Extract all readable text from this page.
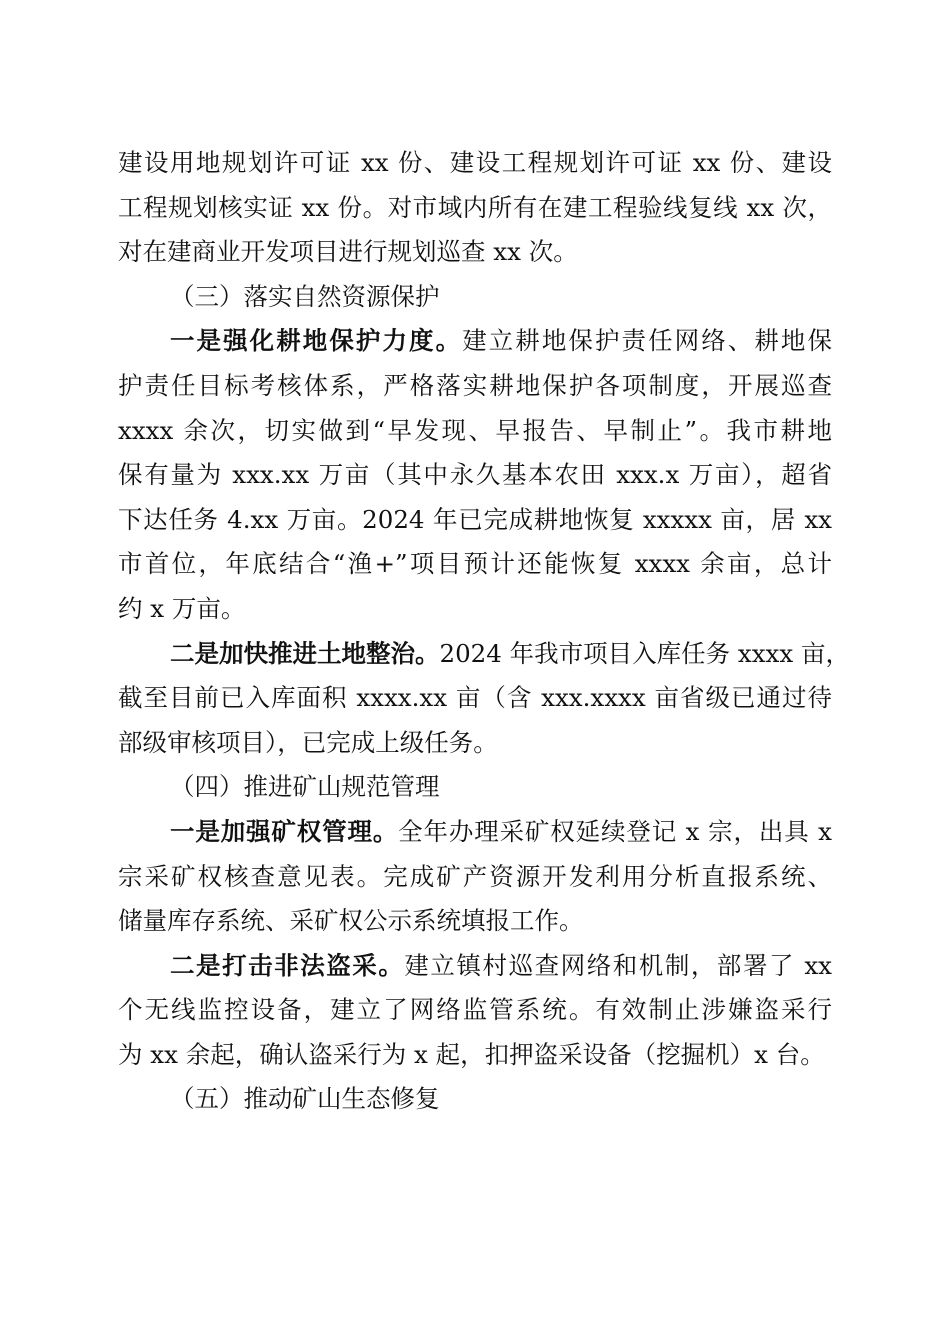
建设用地规划许可证 xx 份、建设工程规划许可证 xx 份、建设
工程规划核实证 xx 份。对市域内所有在建工程验线复线 xx 次，
对在建商业开发项目进行规划巡查 xx 次。
（三）落实自然资源保护
一是强化耕地保护力度。建立耕地保护责任网络、耕地保
护责任目标考核体系，严格落实耕地保护各项制度，开展巡查
xxxx 余次，切实做到“早发现、早报告、早制止”。我市耕地
保有量为 xxx.xx 万亩（其中永久基本农田 xxx.x 万亩），超省
下达任务 4.xx 万亩。2024 年已完成耕地恢复 xxxxx 亩，居 xx
市首位，年底结合“渔+”项目预计还能恢复 xxxx 余亩，总计
约 x 万亩。
二是加快推进土地整治。2024 年我市项目入库任务 xxxx 亩，
截至目前已入库面积 xxxx.xx 亩（含 xxx.xxxx 亩省级已通过待
部级审核项目），已完成上级任务。
（四）推进矿山规范管理
一是加强矿权管理。全年办理采矿权延续登记 x 宗，出具 x
宗采矿权核查意见表。完成矿产资源开发利用分析直报系统、
储量库存系统、采矿权公示系统填报工作。
二是打击非法盗采。建立镇村巡查网络和机制，部署了 xx
个无线监控设备，建立了网络监管系统。有效制止涉嫌盗采行
为 xx 余起，确认盗采行为 x 起，扣押盗采设备（挖掘机）x 台。
（五）推动矿山生态修复
